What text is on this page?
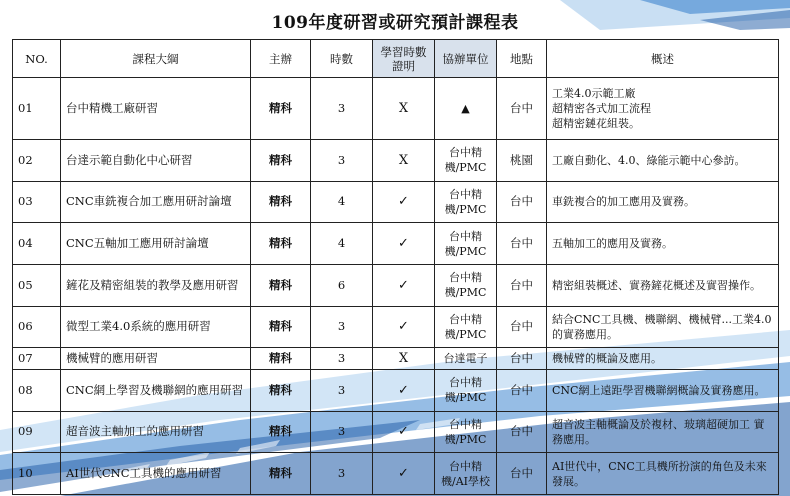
109年度研習或研究預計課程表
NO.	課程大綱	主辦	時數	學習時數證明	協辦單位	地點	概述
01	台中精機工廠研習	精科	3	X	▲	台中	工業4.0示範工廠
超精密各式加工流程
超精密鏈花組裝。
02	台達示範自動化中心研習	精科	3	X	台中精機/PMC	桃園	工廠自動化、4.0、綠能示範中心參訪。
03	CNC車銑複合加工應用研討論壇	精科	4	✓	台中精機/PMC	台中	車銑複合的加工應用及實務。
04	CNC五軸加工應用研討論壇	精科	4	✓	台中精機/PMC	台中	五軸加工的應用及實務。
05	鏟花及精密組裝的教學及應用研習	精科	6	✓	台中精機/PMC	台中	精密組裝概述、實務鏟花概述及實習操作。
06	微型工業4.0系統的應用研習	精科	3	✓	台中精機/PMC	台中	結合CNC工具機、機聯網、機械臂...工業4.0的實務應用。
07	機械臂的應用研習	精科	3	X	台達電子	台中	機械臂的概論及應用。
08	CNC網上學習及機聯網的應用研習	精科	3	✓	台中精機/PMC	台中	CNC網上遠距學習機聯網概論及實務應用。
09	超音波主軸加工的應用研習	精科	3	✓	台中精機/PMC	台中	超音波主軸概論及於複材、玻璃超硬加工 實務應用。
10	AI世代CNC工具機的應用研習	精科	3	✓	台中精機/AI學校	台中	AI世代中，CNC工具機所扮演的角色及未來發展。
